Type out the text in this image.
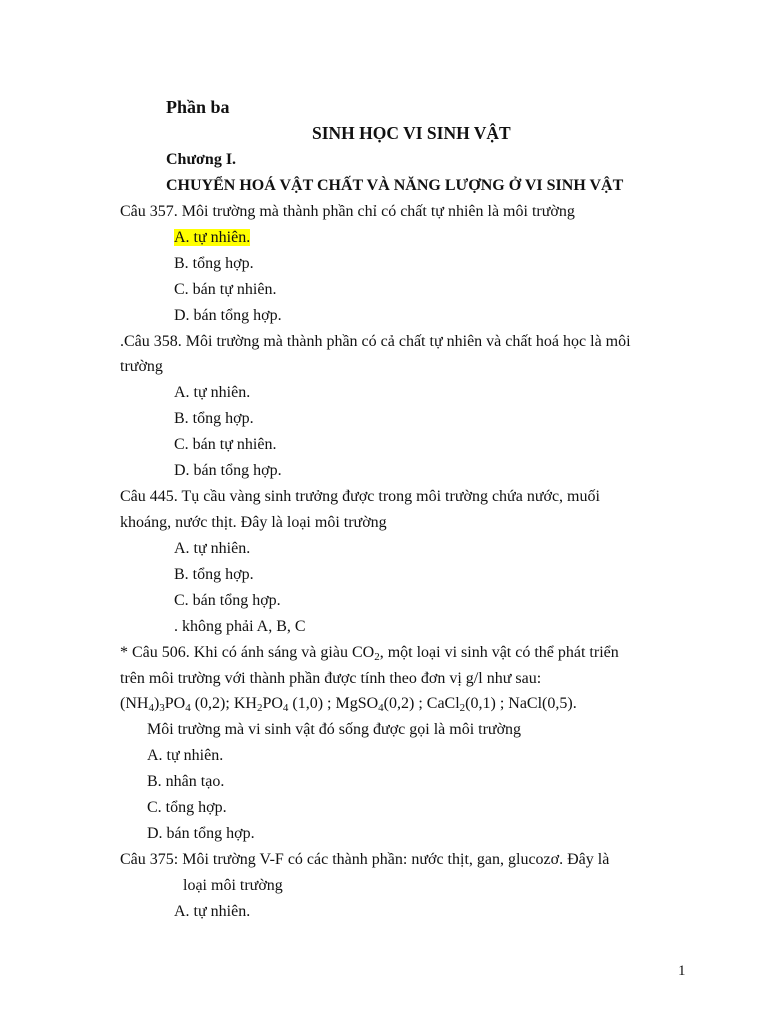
Phần ba
SINH HỌC VI SINH VẬT
Chương I.
CHUYỂN HOÁ VẬT CHẤT VÀ NĂNG LƯỢNG Ở VI SINH VẬT
Câu 357. Môi trường mà thành phần chỉ có chất tự nhiên là môi trường
A. tự nhiên.
B. tổng hợp.
C. bán tự nhiên.
D. bán tổng hợp.
.Câu 358. Môi trường mà thành phần có cả chất tự nhiên và chất hoá học là môi
trường
A. tự nhiên.
B. tổng hợp.
C. bán tự nhiên.
D. bán tổng hợp.
Câu 445. Tụ cầu vàng sinh trưởng được trong môi trường chứa nước, muối
khoáng, nước thịt. Đây là loại môi trường
A. tự nhiên.
B. tổng hợp.
C. bán tổng hợp.
. không phải A, B, C
* Câu 506. Khi có ánh sáng và giàu $CO_2$, một loại vi sinh vật có thể phát triển
trên môi trường với thành phần được tính theo đơn vị g/l như sau:
$(NH_4)_3PO_4$ (0,2); $KH_2PO_4$ (1,0) ; MgSO$_4$(0,2) ; CaCl$_2$(0,1) ; NaCl(0,5).
Môi trường mà vi sinh vật đó sống được gọi là môi trường
A. tự nhiên.
B. nhân tạo.
C. tổng hợp.
D. bán tổng hợp.
Câu 375: Môi trường V-F có các thành phần: nước thịt, gan, glucozơ. Đây là
loại môi trường
A. tự nhiên.
1
